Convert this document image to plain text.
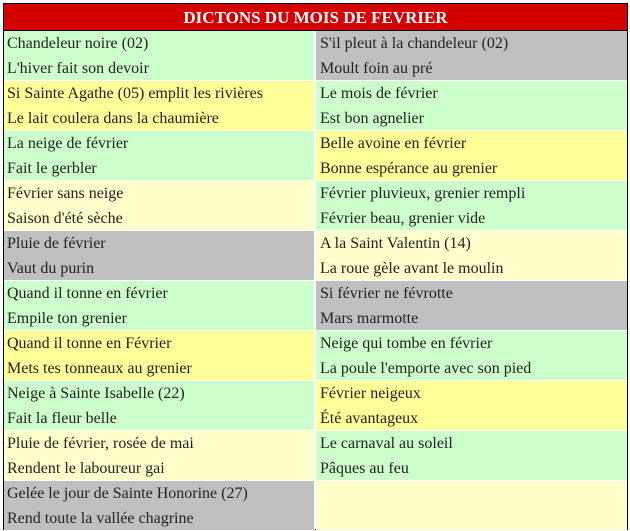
DICTONS DU MOIS DE FEVRIER
Chandeleur noire (02)
L'hiver fait son devoir
S'il pleut à la chandeleur (02)
Moult foin au pré
Si Sainte Agathe (05) emplit les rivières
Le lait coulera dans la chaumière
Le mois de février
Est bon agnelier
La neige de février
Fait le gerbler
Belle avoine en février
Bonne espérance au grenier
Février sans neige
Saison d'été sèche
Février pluvieux, grenier rempli
Février beau, grenier vide
Pluie de février
Vaut du purin
A la Saint Valentin (14)
La roue gèle avant le moulin
Quand il tonne en février
Empile ton grenier
Si février ne févrotte
Mars marmotte
Quand il tonne en Février
Mets tes tonneaux au grenier
Neige qui tombe en février
La poule l'emporte avec son pied
Neige à Sainte Isabelle (22)
Fait la fleur belle
Février neigeux
Été avantageux
Pluie de février, rosée de mai
Rendent le laboureur gai
Le carnaval au soleil
Pâques au feu
Gelée le jour de Sainte Honorine (27)
Rend toute la vallée chagrine
